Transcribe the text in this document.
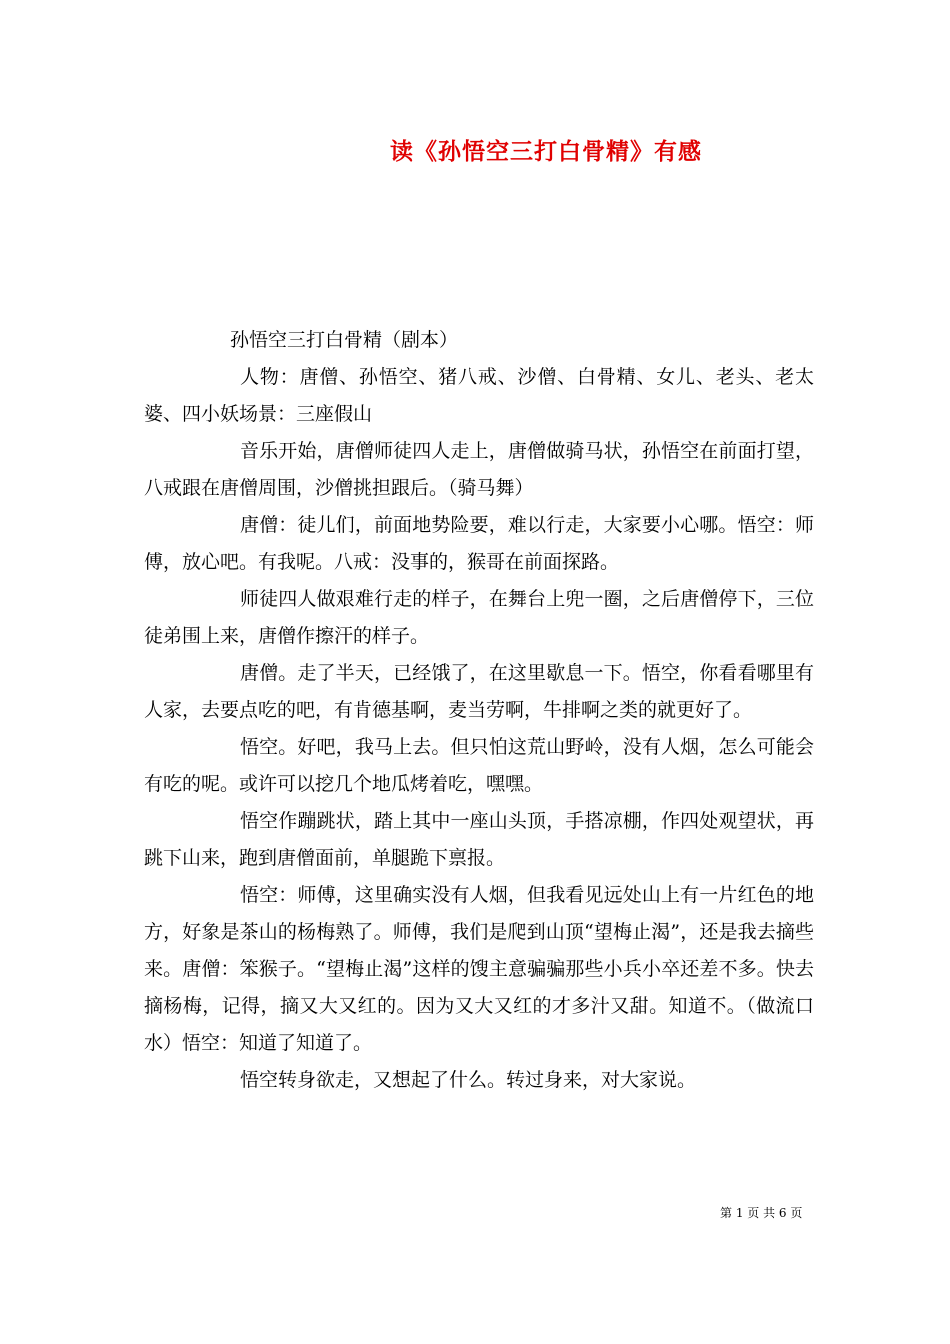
读《孙悟空三打白骨精》有感

孙悟空三打白骨精（剧本）

人物：唐僧、孙悟空、猪八戒、沙僧、白骨精、女儿、老头、老太婆、四小妖场景：三座假山

音乐开始，唐僧师徒四人走上，唐僧做骑马状，孙悟空在前面打望，八戒跟在唐僧周围，沙僧挑担跟后。（骑马舞）

唐僧：徒儿们，前面地势险要，难以行走，大家要小心哪。悟空：师傅，放心吧。有我呢。八戒：没事的，猴哥在前面探路。

师徒四人做艰难行走的样子，在舞台上兜一圈，之后唐僧停下，三位徒弟围上来，唐僧作擦汗的样子。

唐僧。走了半天，已经饿了，在这里歇息一下。悟空，你看看哪里有人家，去要点吃的吧，有肯德基啊，麦当劳啊，牛排啊之类的就更好了。

悟空。好吧，我马上去。但只怕这荒山野岭，没有人烟，怎么可能会有吃的呢。或许可以挖几个地瓜烤着吃，嘿嘿。

悟空作蹦跳状，踏上其中一座山头顶，手搭凉棚，作四处观望状，再跳下山来，跑到唐僧面前，单腿跪下禀报。

悟空：师傅，这里确实没有人烟，但我看见远处山上有一片红色的地方，好象是茶山的杨梅熟了。师傅，我们是爬到山顶“望梅止渴”，还是我去摘些来。唐僧：笨猴子。“望梅止渴”这样的馊主意骗骗那些小兵小卒还差不多。快去摘杨梅，记得，摘又大又红的。因为又大又红的才多汁又甜。知道不。（做流口水）悟空：知道了知道了。

悟空转身欲走，又想起了什么。转过身来，对大家说。

第 1 页 共 6 页
